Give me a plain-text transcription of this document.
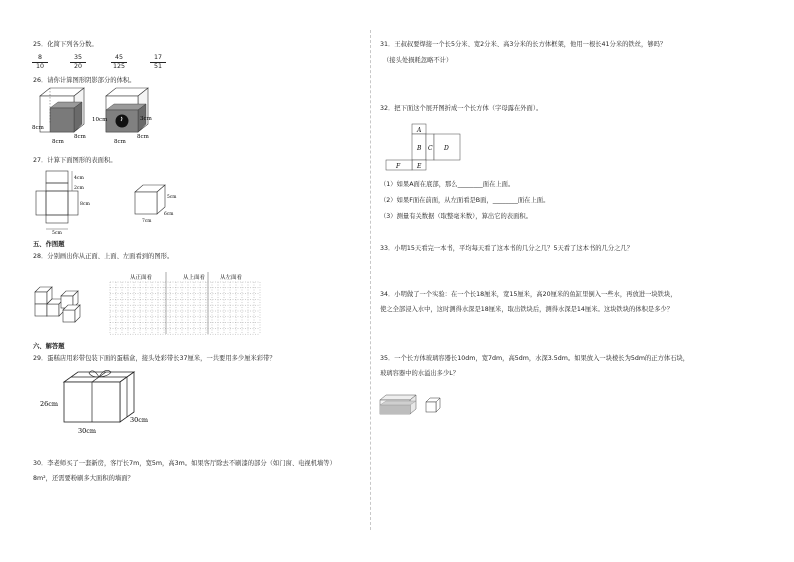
25．化简下列各分数。
$\frac{8}{10}$	$\frac{35}{20}$	$\frac{45}{125}$	$\frac{17}{51}$
26．请你计算图形阴影部分的体积。
8cm
8cm
8cm
10cm	3cm
8cm
8cm
27．计算下面图形的表面积。
4cm
2cm
8cm
5cm
5cm
6cm
7cm
五、作图题
28．分别画出你从正面、上面、左面看到的图形。
从正面看	从上面看	从左面看
六、解答题
29．蛋糕店用彩带包装下面的蛋糕盒，接头处彩带长37厘米，一共要用多少厘米彩带？
26cm
30cm
30cm
30．李老师买了一套新房，客厅长7m，宽5m，高3m。如果客厅除去不刷漆的部分（如门窗、电视机墙等）
8m²，还需要粉刷多大面积的墙面？
31．王叔叔要焊接一个长5分米、宽2分米、高3分米的长方体框架，他用一根长41分米的铁丝，够吗？
（接头处损耗忽略不计）
32．把下面这个展开图折成一个长方体（字母露在外面）。
A
B C D
E
F
（1）如果A面在底部，那么________面在上面。
（2）如果F面在前面，从左面看是B面，________面在上面。
（3）测量有关数据（取整毫米数），算出它的表面积。
33．小明15天看完一本书，平均每天看了这本书的几分之几？5天看了这本书的几分之几？
34．小明做了一个实验：在一个长18厘米，宽15厘米，高20厘米的鱼缸里倒入一些水，再放进一块铁块，
使之全部浸入水中，这时测得水深是18厘米，取出铁块后，测得水深是14厘米。这块铁块的体积是多少？
35．一个长方体玻璃容器长10dm，宽7dm，高5dm，水深3.5dm。如果放入一块棱长为5dm的正方体石块，
玻璃容器中的水溢出多少L？
